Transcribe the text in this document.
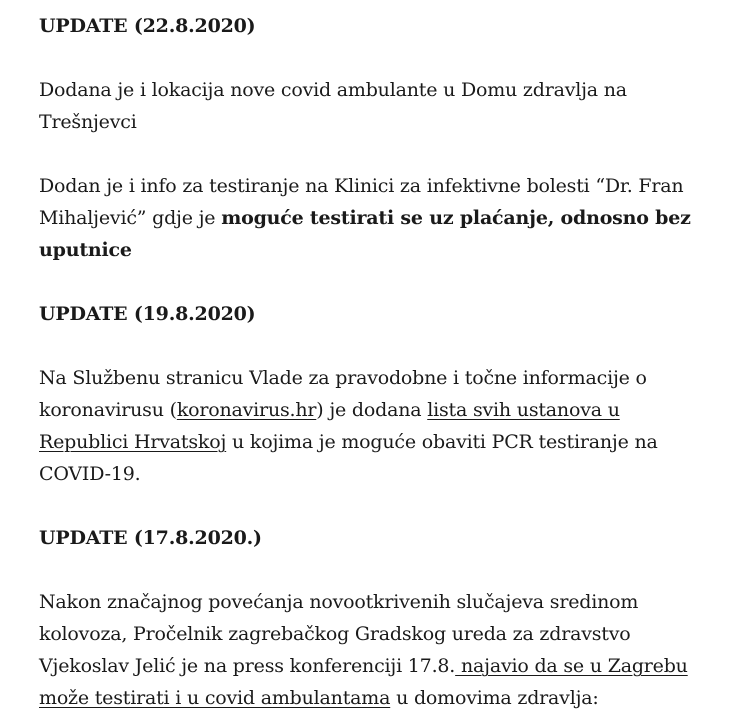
UPDATE (22.8.2020)

Dodana je i lokacija nove covid ambulante u Domu zdravlja na Trešnjevci

Dodan je i info za testiranje na Klinici za infektivne bolesti “Dr. Fran Mihaljević” gdje je moguće testirati se uz plaćanje, odnosno bez uputnice

UPDATE (19.8.2020)

Na Službenu stranicu Vlade za pravodobne i točne informacije o koronavirusu (koronavirus.hr) je dodana lista svih ustanova u Republici Hrvatskoj u kojima je moguće obaviti PCR testiranje na COVID-19.

UPDATE (17.8.2020.)

Nakon značajnog povećanja novootkrivenih slučajeva sredinom kolovoza, Pročelnik zagrebačkog Gradskog ureda za zdravstvo Vjekoslav Jelić je na press konferenciji 17.8. najavio da se u Zagrebu može testirati i u covid ambulantama u domovima zdravlja:
